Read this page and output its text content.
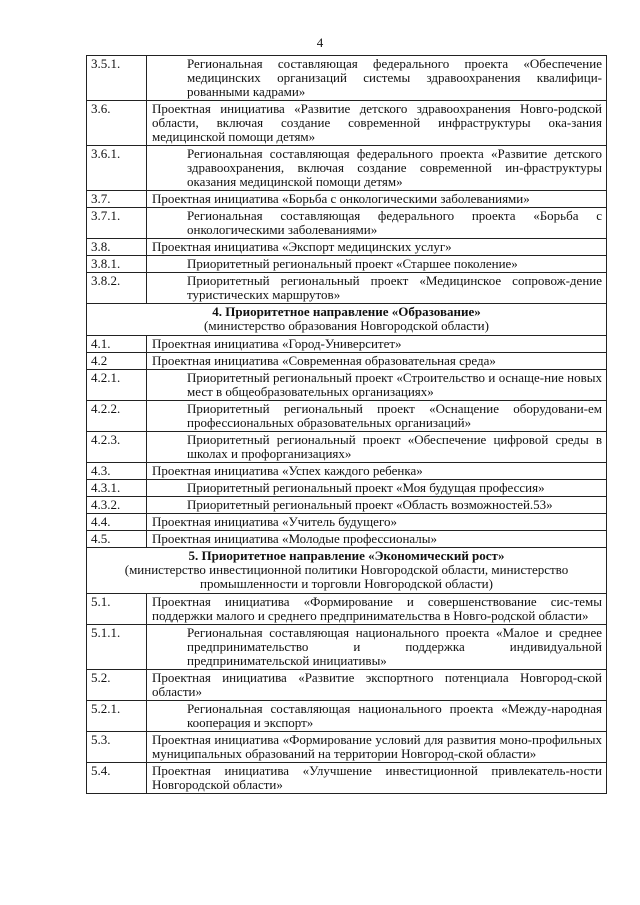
4
3.5.1.	Региональная составляющая федерального проекта «Обеспечение медицинских организаций системы здравоохранения квалифици-рованными кадрами»
3.6.	Проектная инициатива «Развитие детского здравоохранения Новго-родской области, включая создание современной инфраструктуры ока-зания медицинской помощи детям»
3.6.1.	Региональная составляющая федерального проекта «Развитие детского здравоохранения, включая создание современной ин-фраструктуры оказания медицинской помощи детям»
3.7.	Проектная инициатива «Борьба с онкологическими заболеваниями»
3.7.1.	Региональная составляющая федерального проекта «Борьба с онкологическими заболеваниями»
3.8.	Проектная инициатива «Экспорт медицинских услуг»
3.8.1.	Приоритетный региональный проект «Старшее поколение»
3.8.2.	Приоритетный региональный проект «Медицинское сопровож-дение туристических маршрутов»

4. Приоритетное направление «Образование»
(министерство образования Новгородской области)	

4.1.	Проектная инициатива «Город-Университет»
4.2	Проектная инициатива «Современная образовательная среда»
4.2.1.	Приоритетный региональный проект «Строительство и оснаще-ние новых мест в общеобразовательных организациях»
4.2.2.	Приоритетный региональный проект «Оснащение оборудовани-ем профессиональных образовательных организаций»
4.2.3.	Приоритетный региональный проект «Обеспечение цифровой среды в школах и профорганизациях»
4.3.	Проектная инициатива «Успех каждого ребенка»
4.3.1.	Приоритетный региональный проект «Моя будущая профессия»
4.3.2.	Приоритетный региональный проект «Область возможностей.53»
4.4.	Проектная инициатива «Учитель будущего»
4.5.	Проектная инициатива «Молодые профессионалы»

5. Приоритетное направление «Экономический рост»
(министерство инвестиционной политики Новгородской области, министерство промышленности и торговли Новгородской области)	

5.1.	Проектная инициатива «Формирование и совершенствование сис-темы поддержки малого и среднего предпринимательства в Новго-родской области»
5.1.1.	Региональная составляющая национального проекта «Малое и среднее предпринимательство и поддержка индивидуальной предпринимательской инициативы»
5.2.	Проектная инициатива «Развитие экспортного потенциала Новгород-ской области»
5.2.1.	Региональная составляющая национального проекта «Между-народная кооперация и экспорт»
5.3.	Проектная инициатива «Формирование условий для развития моно-профильных муниципальных образований на территории Новгород-ской области»
5.4.	Проектная инициатива «Улучшение инвестиционной привлекатель-ности Новгородской области»
